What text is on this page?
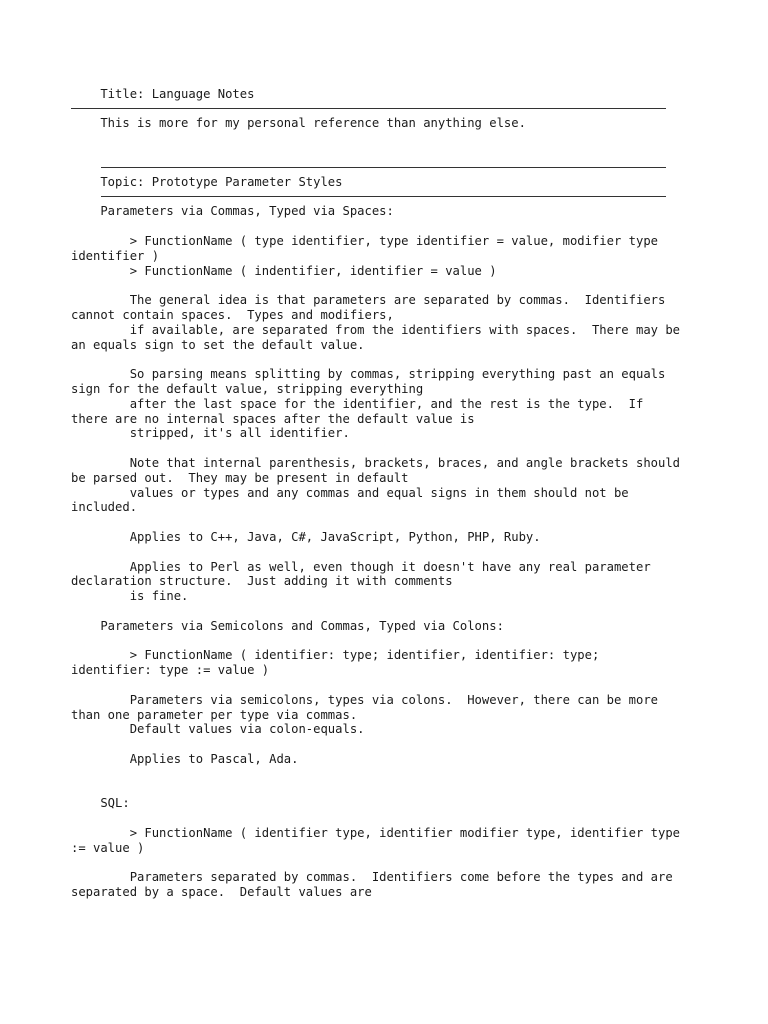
Title: Language Notes
This is more for my personal reference than anything else.
Topic: Prototype Parameter Styles
Parameters via Commas, Typed via Spaces:
> FunctionName ( type identifier, type identifier = value, modifier type
identifier )
> FunctionName ( indentifier, identifier = value )
The general idea is that parameters are separated by commas.  Identifiers
cannot contain spaces.  Types and modifiers,
if available, are separated from the identifiers with spaces.  There may be
an equals sign to set the default value.
So parsing means splitting by commas, stripping everything past an equals
sign for the default value, stripping everything
after the last space for the identifier, and the rest is the type.  If
there are no internal spaces after the default value is
stripped, it's all identifier.
Note that internal parenthesis, brackets, braces, and angle brackets should
be parsed out.  They may be present in default
values or types and any commas and equal signs in them should not be
included.
Applies to C++, Java, C#, JavaScript, Python, PHP, Ruby.
Applies to Perl as well, even though it doesn't have any real parameter
declaration structure.  Just adding it with comments
is fine.
Parameters via Semicolons and Commas, Typed via Colons:
> FunctionName ( identifier: type; identifier, identifier: type;
identifier: type := value )
Parameters via semicolons, types via colons.  However, there can be more
than one parameter per type via commas.
Default values via colon-equals.
Applies to Pascal, Ada.
SQL:
> FunctionName ( identifier type, identifier modifier type, identifier type
:= value )
Parameters separated by commas.  Identifiers come before the types and are
separated by a space.  Default values are
